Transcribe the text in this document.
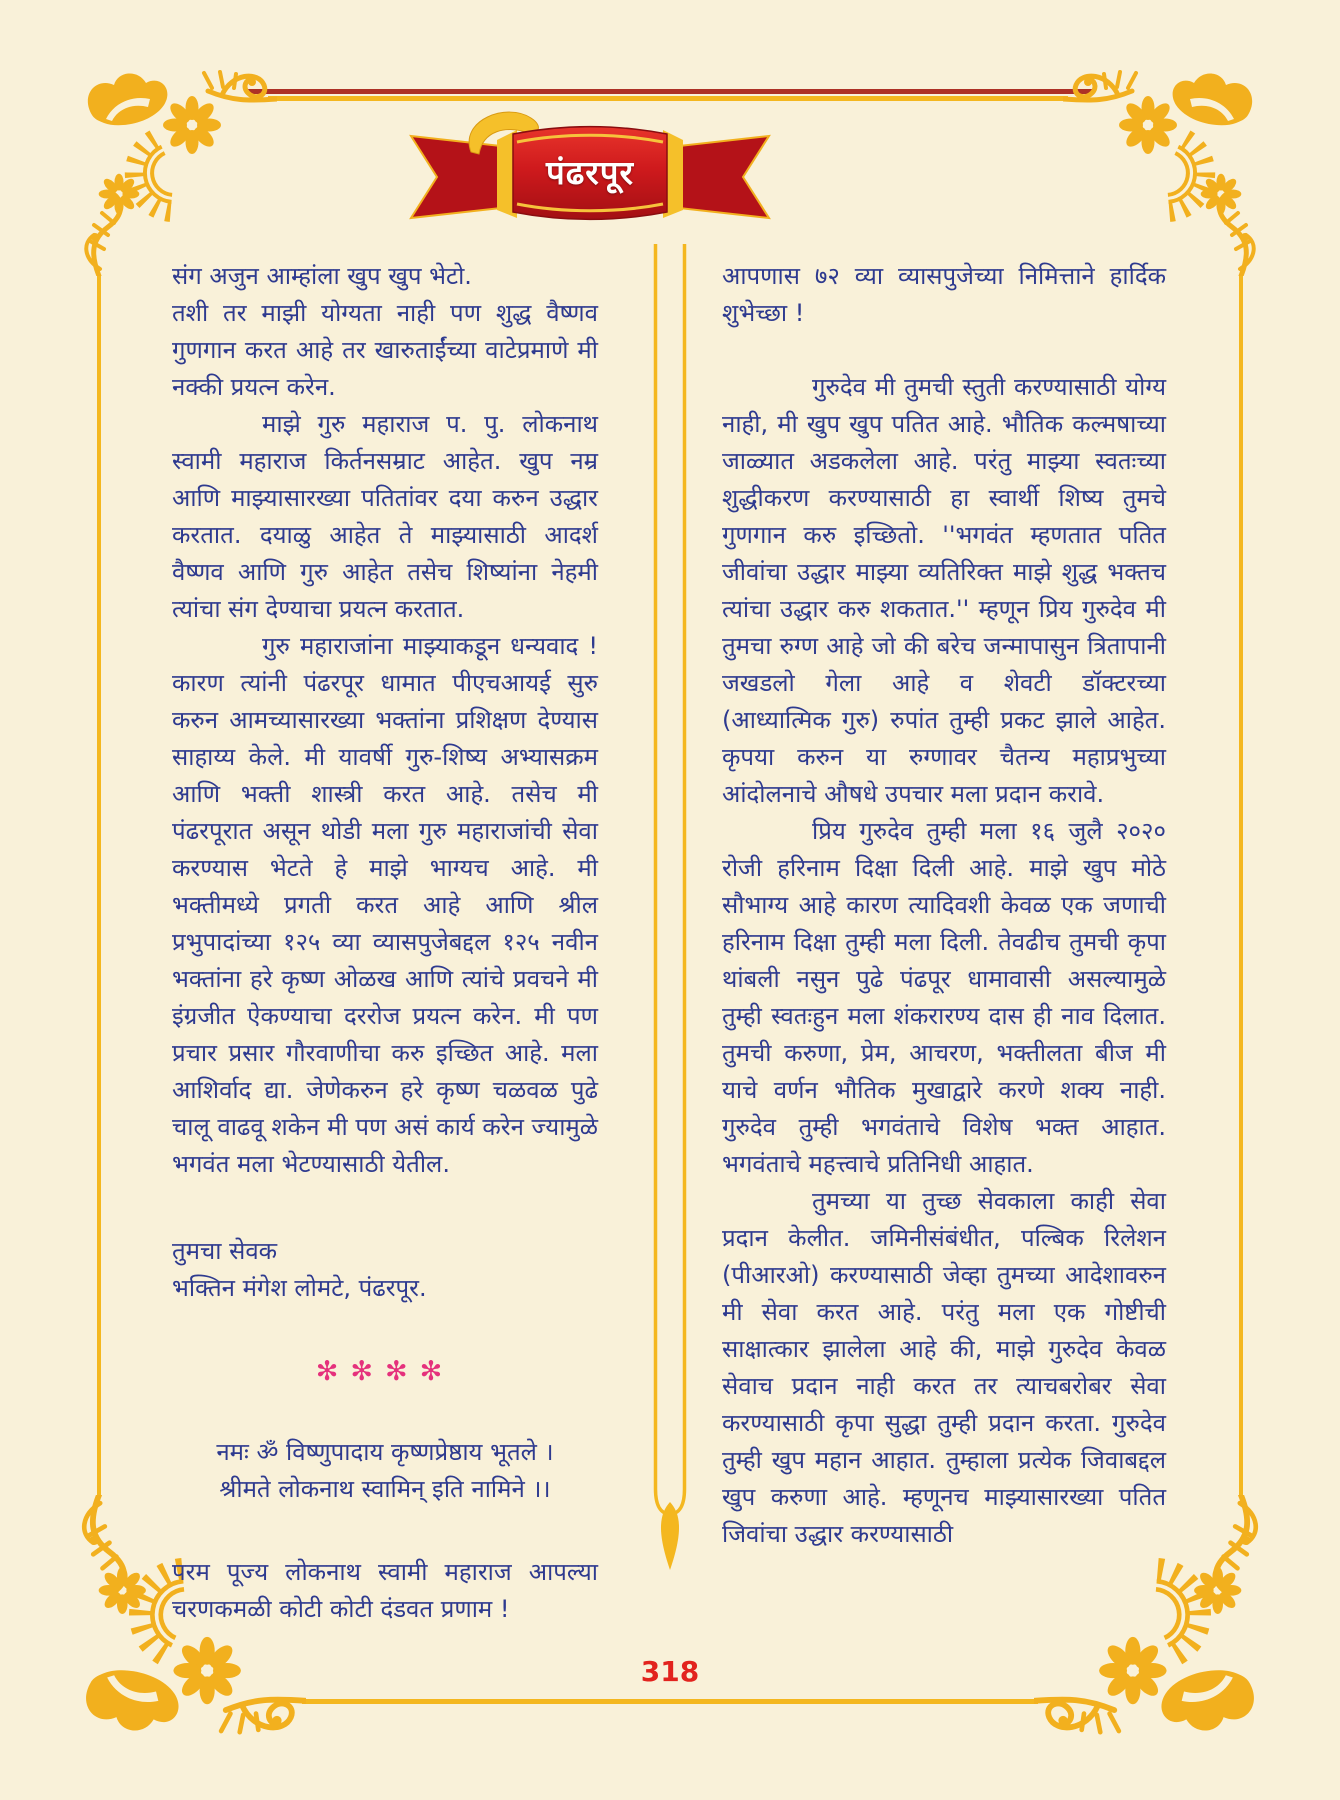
पंढरपूर

संग अजुन आम्हांला खुप खुप भेटो.

तशी तर माझी योग्यता नाही पण शुद्ध वैष्णव गुणगान करत आहे तर खारुताईंच्या वाटेप्रमाणे मी नक्की प्रयत्न करेन.

माझे गुरु महाराज प. पु. लोकनाथ स्वामी महाराज किर्तनसम्राट आहेत. खुप नम्र आणि माझ्यासारख्या पतितांवर दया करुन उद्धार करतात. दयाळु आहेत ते माझ्यासाठी आदर्श वैष्णव आणि गुरु आहेत तसेच शिष्यांना नेहमी त्यांचा संग देण्याचा प्रयत्न करतात.

गुरु महाराजांना माझ्याकडून धन्यवाद ! कारण त्यांनी पंढरपूर धामात पीएचआयई सुरु करुन आमच्यासारख्या भक्तांना प्रशिक्षण देण्यास साहाय्य केले. मी यावर्षी गुरु-शिष्य अभ्यासक्रम आणि भक्ती शास्त्री करत आहे. तसेच मी पंढरपूरात असून थोडी मला गुरु महाराजांची सेवा करण्यास भेटते हे माझे भाग्यच आहे. मी भक्तीमध्ये प्रगती करत आहे आणि श्रील प्रभुपादांच्या १२५ व्या व्यासपुजेबद्दल १२५ नवीन भक्तांना हरे कृष्ण ओळख आणि त्यांचे प्रवचने मी इंग्रजीत ऐकण्याचा दररोज प्रयत्न करेन. मी पण प्रचार प्रसार गौरवाणीचा करु इच्छित आहे. मला आशिर्वाद द्या. जेणेकरुन हरे कृष्ण चळवळ पुढे चालू वाढवू शकेन मी पण असं कार्य करेन ज्यामुळे भगवंत मला भेटण्यासाठी येतील.

तुमचा सेवक

भक्तिन मंगेश लोमटे, पंढरपूर.

✻✻✻✻

नमः ॐ विष्णुपादाय कृष्णप्रेष्ठाय भूतले ।

श्रीमते लोकनाथ स्वामिन् इति नामिने ।।

परम पूज्य लोकनाथ स्वामी महाराज आपल्या चरणकमळी कोटी कोटी दंडवत प्रणाम !

आपणास ७२ व्या व्यासपुजेच्या निमित्ताने हार्दिक शुभेच्छा !

गुरुदेव मी तुमची स्तुती करण्यासाठी योग्य नाही, मी खुप खुप पतित आहे. भौतिक कल्मषाच्या जाळ्यात अडकलेला आहे. परंतु माझ्या स्वतःच्या शुद्धीकरण करण्यासाठी हा स्वार्थी शिष्य तुमचे गुणगान करु इच्छितो. ''भगवंत म्हणतात पतित जीवांचा उद्धार माझ्या व्यतिरिक्त माझे शुद्ध भक्तच त्यांचा उद्धार करु शकतात.'' म्हणून प्रिय गुरुदेव मी तुमचा रुग्ण आहे जो की बरेच जन्मापासुन त्रितापानी जखडलो गेला आहे व शेवटी डॉक्टरच्या (आध्यात्मिक गुरु) रुपांत तुम्ही प्रकट झाले आहेत. कृपया करुन या रुग्णावर चैतन्य महाप्रभुच्या आंदोलनाचे औषधे उपचार मला प्रदान करावे.

प्रिय गुरुदेव तुम्ही मला १६ जुलै २०२० रोजी हरिनाम दिक्षा दिली आहे. माझे खुप मोठे सौभाग्य आहे कारण त्यादिवशी केवळ एक जणाची हरिनाम दिक्षा तुम्ही मला दिली. तेवढीच तुमची कृपा थांबली नसुन पुढे पंढपूर धामावासी असल्यामुळे तुम्ही स्वतःहुन मला शंकरारण्य दास ही नाव दिलात. तुमची करुणा, प्रेम, आचरण, भक्तीलता बीज मी याचे वर्णन भौतिक मुखाद्वारे करणे शक्य नाही. गुरुदेव तुम्ही भगवंताचे विशेष भक्त आहात. भगवंताचे महत्त्वाचे प्रतिनिधी आहात.

तुमच्या या तुच्छ सेवकाला काही सेवा प्रदान केलीत. जमिनीसंबंधीत, पल्बिक रिलेशन (पीआरओ) करण्यासाठी जेव्हा तुमच्या आदेशावरुन मी सेवा करत आहे. परंतु मला एक गोष्टीची साक्षात्कार झालेला आहे की, माझे गुरुदेव केवळ सेवाच प्रदान नाही करत तर त्याचबरोबर सेवा करण्यासाठी कृपा सुद्धा तुम्ही प्रदान करता. गुरुदेव तुम्ही खुप महान आहात. तुम्हाला प्रत्येक जिवाबद्दल खुप करुणा आहे. म्हणूनच माझ्यासारख्या पतित जिवांचा उद्धार करण्यासाठी

318
